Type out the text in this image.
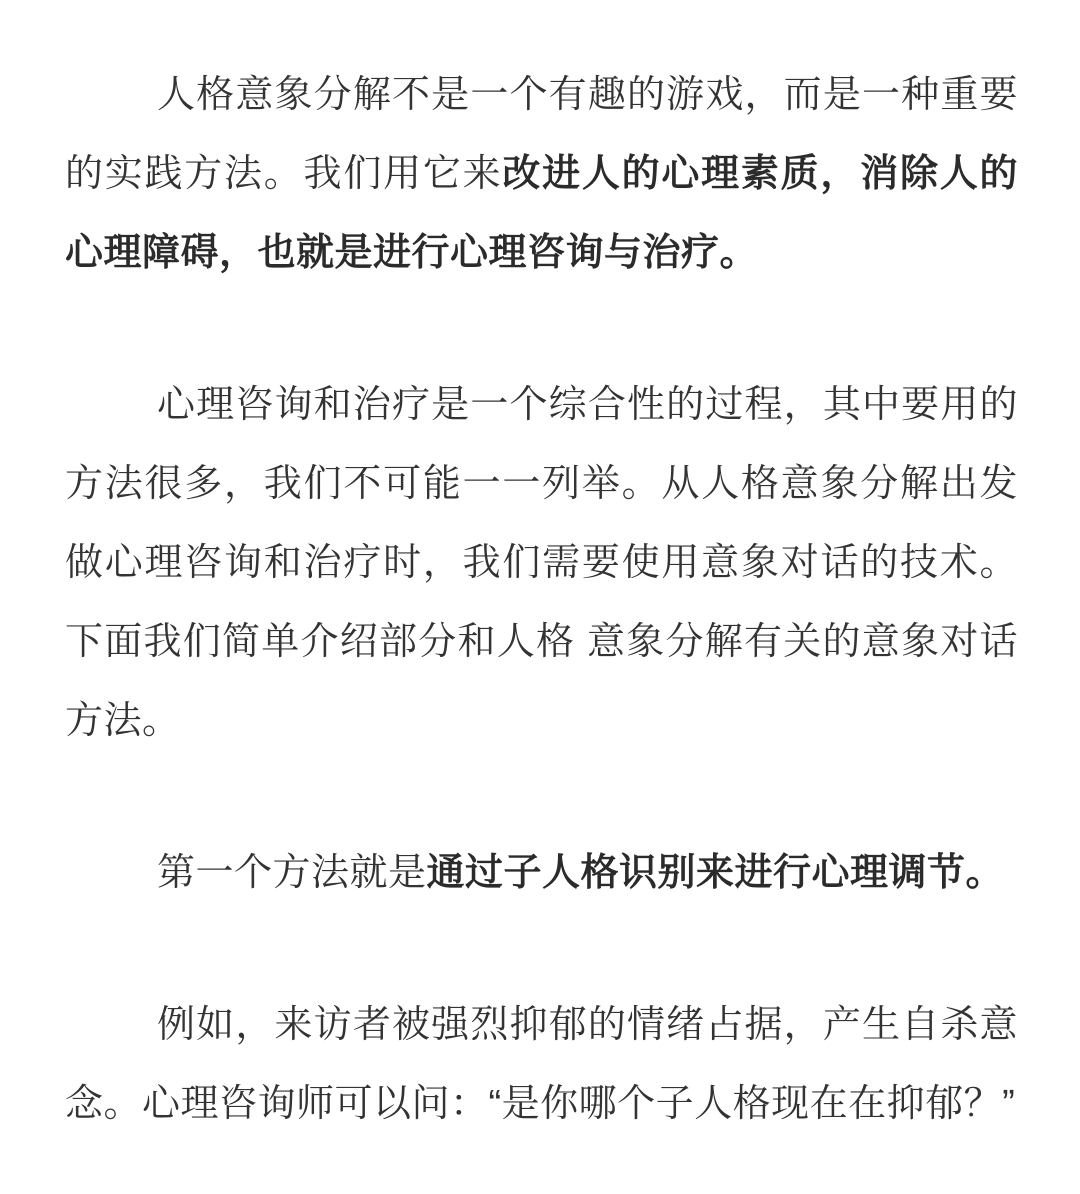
人格意象分解不是一个有趣的游戏，而是一种重要的实践方法。我们用它来改进人的心理素质，消除人的心理障碍，也就是进行心理咨询与治疗。

心理咨询和治疗是一个综合性的过程，其中要用的方法很多，我们不可能一一列举。从人格意象分解出发做心理咨询和治疗时，我们需要使用意象对话的技术。下面我们简单介绍部分和人格 意象分解有关的意象对话方法。

第一个方法就是通过子人格识别来进行心理调节。

例如，来访者被强烈抑郁的情绪占据，产生自杀意念。心理咨询师可以问：“是你哪个子人格现在在抑郁？”
